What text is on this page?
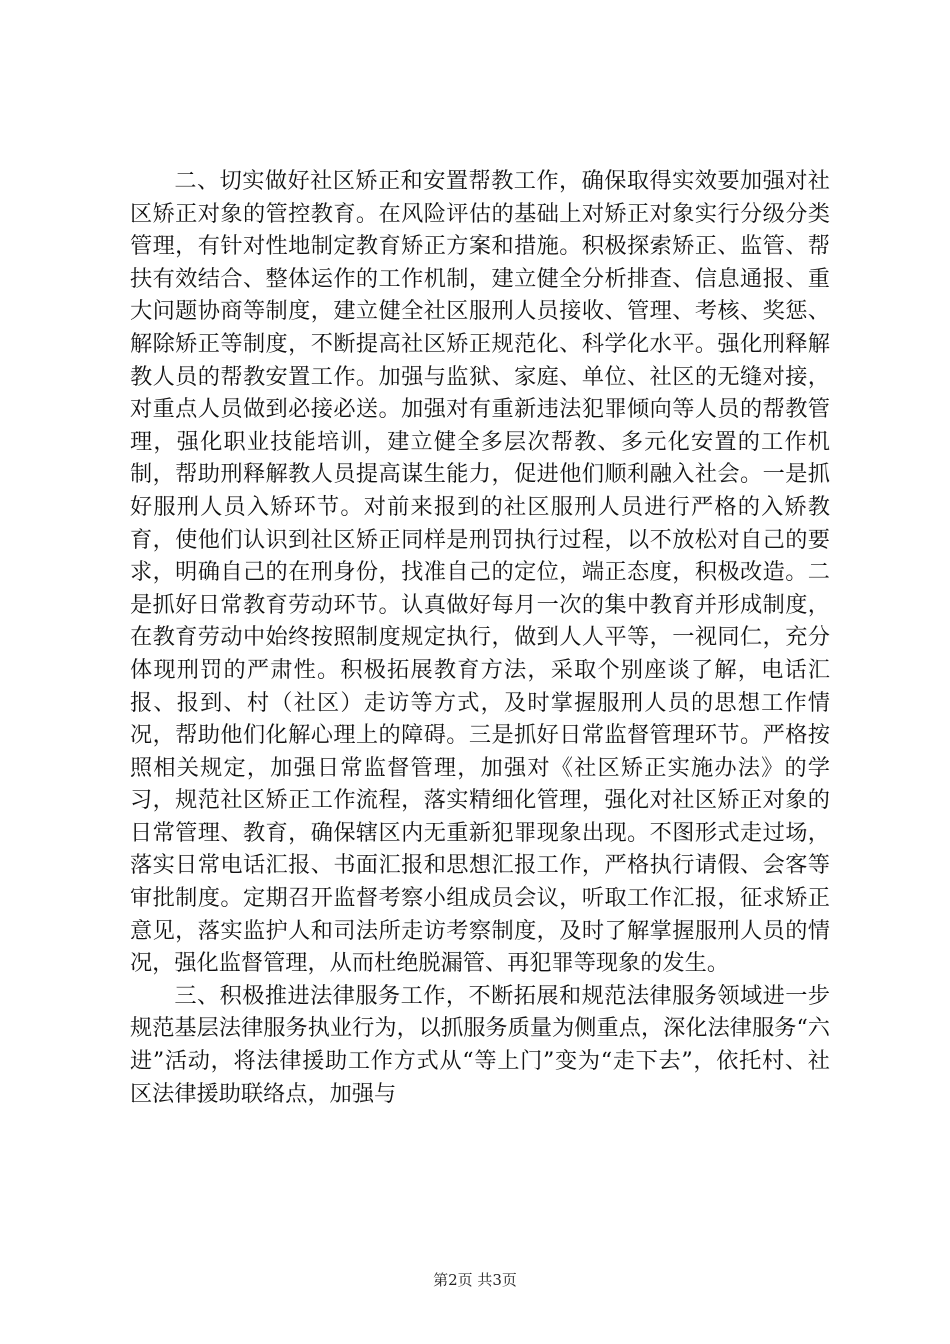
二、切实做好社区矫正和安置帮教工作，确保取得实效要加强对社区矫正对象的管控教育。在风险评估的基础上对矫正对象实行分级分类管理，有针对性地制定教育矫正方案和措施。积极探索矫正、监管、帮扶有效结合、整体运作的工作机制，建立健全分析排查、信息通报、重大问题协商等制度，建立健全社区服刑人员接收、管理、考核、奖惩、解除矫正等制度，不断提高社区矫正规范化、科学化水平。强化刑释解教人员的帮教安置工作。加强与监狱、家庭、单位、社区的无缝对接，对重点人员做到必接必送。加强对有重新违法犯罪倾向等人员的帮教管理，强化职业技能培训，建立健全多层次帮教、多元化安置的工作机制，帮助刑释解教人员提高谋生能力，促进他们顺利融入社会。一是抓好服刑人员入矫环节。对前来报到的社区服刑人员进行严格的入矫教育，使他们认识到社区矫正同样是刑罚执行过程，以不放松对自己的要求，明确自己的在刑身份，找准自己的定位，端正态度，积极改造。二是抓好日常教育劳动环节。认真做好每月一次的集中教育并形成制度，在教育劳动中始终按照制度规定执行，做到人人平等，一视同仁，充分体现刑罚的严肃性。积极拓展教育方法，采取个别座谈了解，电话汇报、报到、村（社区）走访等方式，及时掌握服刑人员的思想工作情况，帮助他们化解心理上的障碍。三是抓好日常监督管理环节。严格按照相关规定，加强日常监督管理，加强对《社区矫正实施办法》的学习，规范社区矫正工作流程，落实精细化管理，强化对社区矫正对象的日常管理、教育，确保辖区内无重新犯罪现象出现。不图形式走过场，落实日常电话汇报、书面汇报和思想汇报工作，严格执行请假、会客等审批制度。定期召开监督考察小组成员会议，听取工作汇报，征求矫正意见，落实监护人和司法所走访考察制度，及时了解掌握服刑人员的情况，强化监督管理，从而杜绝脱漏管、再犯罪等现象的发生。

三、积极推进法律服务工作，不断拓展和规范法律服务领域进一步规范基层法律服务执业行为，以抓服务质量为侧重点，深化法律服务“六进”活动，将法律援助工作方式从“等上门”变为“走下去”，依托村、社区法律援助联络点，加强与

第2页 共3页
